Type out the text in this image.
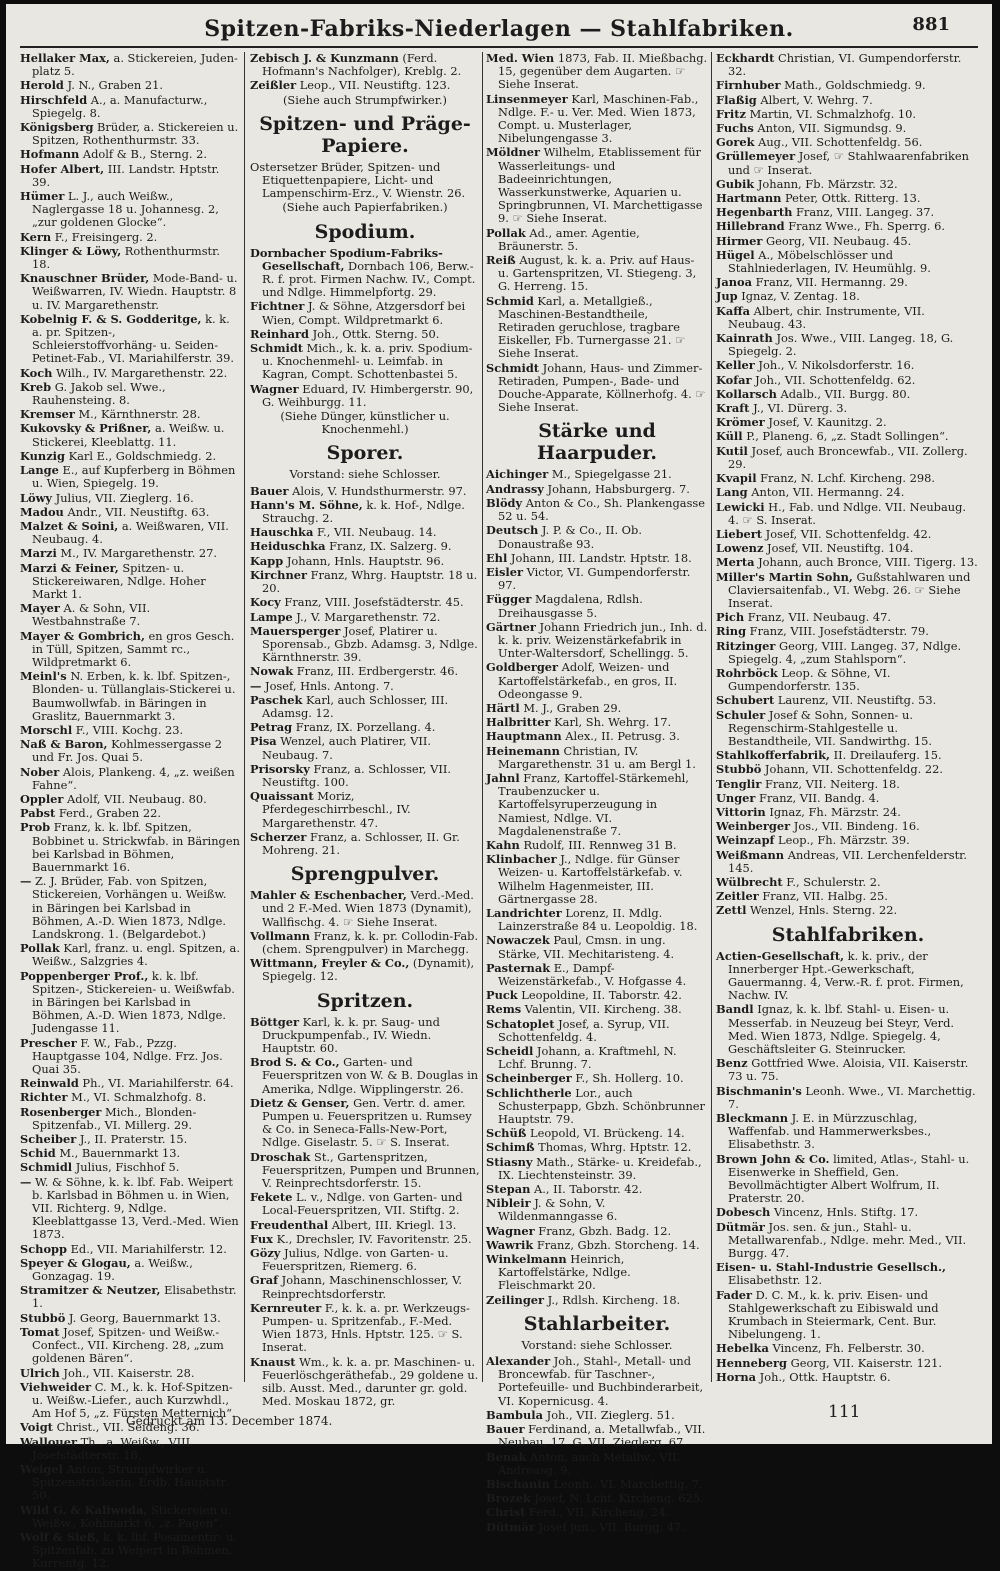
Spitzen-Fabriks-Niederlagen — Stahlfabriken.	881
Hellaker Max, a. Stickereien, Juden-platz 5.
Herold J. N., Graben 21.
Hirschfeld A., a. Manufacturw., Spiegelg. 8.
Königsberg Brüder, a. Stickereien u. Spitzen, Rothenthurmstr. 33.
Hofmann Adolf & B., Sterng. 2.
Hofer Albert, III. Landstr. Hptstr. 39.
Hümer L. J., auch Weißw., Naglergasse 18 u. Johannesg. 2, „zur goldenen Glocke“.
Kern F., Freisingerg. 2.
Klinger & Löwy, Rothenthurmstr. 18.
Knauschner Brüder, Mode-Band- u. Weißwarren, IV. Wiedn. Hauptstr. 8 u. IV. Margarethenstr.
Kobelnig F. & S. Godderitge, k. k. a. pr. Spitzen-, Schleierstoffvorhäng- u. Seiden-Petinet-Fab., VI. Mariahilferstr. 39.
Koch Wilh., IV. Margarethenstr. 22.
Kreb G. Jakob sel. Wwe., Rauhensteing. 8.
Kremser M., Kärnthnerstr. 28.
Kukovsky & Prißner, a. Weißw. u. Stickerei, Kleeblattg. 11.
Kunzig Karl E., Goldschmiedg. 2.
Lange E., auf Kupferberg in Böhmen u. Wien, Spiegelg. 19.
Löwy Julius, VII. Zieglerg. 16.
Madou Andr., VII. Neustiftg. 63.
Malzet & Soini, a. Weißwaren, VII. Neubaug. 4.
Marzi M., IV. Margarethenstr. 27.
Marzi & Feiner, Spitzen- u. Stickereiwaren, Ndlge. Hoher Markt 1.
Mayer A. & Sohn, VII. Westbahnstraße 7.
Mayer & Gombrich, en gros Gesch. in Tüll, Spitzen, Sammt rc., Wildpretmarkt 6.
Meinl's N. Erben, k. k. lbf. Spitzen-, Blonden- u. Tüllanglais-Stickerei u. Baumwollwfab. in Bäringen in Graslitz, Bauernmarkt 3.
Morschl F., VIII. Kochg. 23.
Naß & Baron, Kohlmessergasse 2 und Fr. Jos. Quai 5.
Nober Alois, Plankeng. 4, „z. weißen Fahne“.
Oppler Adolf, VII. Neubaug. 80.
Pabst Ferd., Graben 22.
Prob Franz, k. k. lbf. Spitzen, Bobbinet u. Strickwfab. in Bäringen bei Karlsbad in Böhmen, Bauernmarkt 16.
— Z. J. Brüder, Fab. von Spitzen, Stickereien, Vorhängen u. Weißw. in Bäringen bei Karlsbad in Böhmen, A.-D. Wien 1873, Ndlge. Landskrong. 1. (Belgardebot.)
Pollak Karl, franz. u. engl. Spitzen, a. Weißw., Salzgries 4.
Poppenberger Prof., k. k. lbf. Spitzen-, Stickereien- u. Weißwfab. in Bäringen bei Karlsbad in Böhmen, A.-D. Wien 1873, Ndlge. Judengasse 11.
Prescher F. W., Fab., Pzzg. Hauptgasse 104, Ndlge. Frz. Jos. Quai 35.
Reinwald Ph., VI. Mariahilferstr. 64.
Richter M., VI. Schmalzhofg. 8.
Rosenberger Mich., Blonden-Spitzenfab., VI. Millerg. 29.
Scheiber J., II. Praterstr. 15.
Schid M., Bauernmarkt 13.
Schmidl Julius, Fischhof 5.
— W. & Söhne, k. k. lbf. Fab. Weipert b. Karlsbad in Böhmen u. in Wien, VII. Richterg. 9, Ndlge. Kleeblattgasse 13, Verd.-Med. Wien 1873.
Schopp Ed., VII. Mariahilferstr. 12.
Speyer & Glogau, a. Weißw., Gonzagag. 19.
Stramitzer & Neutzer, Elisabethstr. 1.
Stubbö J. Georg, Bauernmarkt 13.
Tomat Josef, Spitzen- und Weißw.-Confect., VII. Kircheng. 28, „zum goldenen Bären“.
Ulrich Joh., VII. Kaiserstr. 28.
Viehweider C. M., k. k. Hof-Spitzen- u. Weißw.-Liefer., auch Kurzwhdl., Am Hof 5, „z. Fürsten Metternich“.
Voigt Christ., VII. Seideng. 36.
Wallouer Th., a. Weißw., VIII. Josefstädterstr. 18.
Weigel Anton, Strumpfwirker u. Spitzenstrickerin, Erdb. Hauptstr. 50.
Wild G. & Kaliwoda, Stickereien u. Weißw., Kohlmarkt 6, „z. Pagen“.
Wolf & Sieß, k. k. lbf. Posamentir- u. Spitzenfab. zu Weipert in Böhmen, Kurrentg. 12.
Zebisch J. & Kunzmann (Ferd. Hofmann's Nachfolger), Kreblg. 2.
Zeißler Leop., VII. Neustiftg. 123.
(Siehe auch Strumpfwirker.)
Spitzen- und Präge-Papiere.
Ostersetzer Brüder, Spitzen- und Etiquettenpapiere, Licht- und Lampenschirm-Erz., V. Wienstr. 26.
(Siehe auch Papierfabriken.)
Spodium.
Dornbacher Spodium-Fabriks-Gesellschaft, Dornbach 106, Berw.-R. f. prot. Firmen Nachw. IV., Compt. und Ndlge. Himmelpfortg. 29.
Fichtner J. & Söhne, Atzgersdorf bei Wien, Compt. Wildpretmarkt 6.
Reinhard Joh., Ottk. Sterng. 50.
Schmidt Mich., k. k. a. priv. Spodium- u. Knochenmehl- u. Leimfab. in Kagran, Compt. Schottenbastei 5.
Wagner Eduard, IV. Himbergerstr. 90, G. Weihburgg. 11.
(Siehe Dünger, künstlicher u. Knochenmehl.)
Sporer.
Vorstand: siehe Schlosser.
Bauer Alois, V. Hundsthurmerstr. 97.
Hann's M. Söhne, k. k. Hof-, Ndlge. Strauchg. 2.
Hauschka F., VII. Neubaug. 14.
Heiduschka Franz, IX. Salzerg. 9.
Kapp Johann, Hnls. Hauptstr. 96.
Kirchner Franz, Whrg. Hauptstr. 18 u. 20.
Kocy Franz, VIII. Josefstädterstr. 45.
Lampe J., V. Margarethenstr. 72.
Mauersperger Josef, Platirer u. Sporensab., Gbzb. Adamsg. 3, Ndlge. Kärnthnerstr. 39.
Nowak Franz, III. Erdbergerstr. 46.
— Josef, Hnls. Antong. 7.
Paschek Karl, auch Schlosser, III. Adamsg. 12.
Petrag Franz, IX. Porzellang. 4.
Pisa Wenzel, auch Platirer, VII. Neubaug. 7.
Prisorsky Franz, a. Schlosser, VII. Neustiftg. 100.
Quaissant Moriz, Pferdegeschirrbeschl., IV. Margarethenstr. 47.
Scherzer Franz, a. Schlosser, II. Gr. Mohreng. 21.
Sprengpulver.
Mahler & Eschenbacher, Verd.-Med. und 2 F.-Med. Wien 1873 (Dynamit), Wallfischg. 4. ☞ Siehe Inserat.
Vollmann Franz, k. k. pr. Collodin-Fab. (chem. Sprengpulver) in Marchegg.
Wittmann, Freyler & Co., (Dynamit), Spiegelg. 12.
Spritzen.
Böttger Karl, k. k. pr. Saug- und Druckpumpenfab., IV. Wiedn. Hauptstr. 60.
Brod S. & Co., Garten- und Feuerspritzen von W. & B. Douglas in Amerika, Ndlge. Wipplingerstr. 26.
Dietz & Genser, Gen. Vertr. d. amer. Pumpen u. Feuerspritzen u. Rumsey & Co. in Seneca-Falls-New-Port, Ndlge. Giselastr. 5. ☞ S. Inserat.
Droschak St., Gartenspritzen, Feuerspritzen, Pumpen und Brunnen, V. Reinprechtsdorferstr. 15.
Fekete L. v., Ndlge. von Garten- und Local-Feuerspritzen, VII. Stiftg. 2.
Freudenthal Albert, III. Kriegl. 13.
Fux K., Drechsler, IV. Favoritenstr. 25.
Gözy Julius, Ndlge. von Garten- u. Feuerspritzen, Riemerg. 6.
Graf Johann, Maschinenschlosser, V. Reinprechtsdorferstr.
Kernreuter F., k. k. a. pr. Werkzeugs-Pumpen- u. Spritzenfab., F.-Med. Wien 1873, Hnls. Hptstr. 125. ☞ S. Inserat.
Knaust Wm., k. k. a. pr. Maschinen- u. Feuerlöschgeräthefab., 29 goldene u. silb. Ausst. Med., darunter gr. gold. Med. Moskau 1872, gr.
Med. Wien 1873, Fab. II. Mießbachg. 15, gegenüber dem Augarten. ☞ Siehe Inserat.
Linsenmeyer Karl, Maschinen-Fab., Ndlge. F.- u. Ver. Med. Wien 1873, Compt. u. Musterlager, Nibelungengasse 3.
Möldner Wilhelm, Etablissement für Wasserleitungs- und Badeeinrichtungen, Wasserkunstwerke, Aquarien u. Springbrunnen, VI. Marchettigasse 9. ☞ Siehe Inserat.
Pollak Ad., amer. Agentie, Bräunerstr. 5.
Reiß August, k. k. a. Priv. auf Haus- u. Gartenspritzen, VI. Stiegeng. 3, G. Herreng. 15.
Schmid Karl, a. Metallgieß., Maschinen-Bestandtheile, Retiraden geruchlose, tragbare Eiskeller, Fb. Turnergasse 21. ☞ Siehe Inserat.
Schmidt Johann, Haus- und Zimmer-Retiraden, Pumpen-, Bade- und Douche-Apparate, Köllnerhofg. 4. ☞ Siehe Inserat.
Stärke und Haarpuder.
Aichinger M., Spiegelgasse 21.
Andrassy Johann, Habsburgerg. 7.
Blödy Anton & Co., Sh. Plankengasse 52 u. 54.
Deutsch J. P. & Co., II. Ob. Donaustraße 93.
Ehl Johann, III. Landstr. Hptstr. 18.
Eisler Victor, VI. Gumpendorferstr. 97.
Függer Magdalena, Rdlsh. Dreihausgasse 5.
Gärtner Johann Friedrich jun., Inh. d. k. k. priv. Weizenstärkefabrik in Unter-Waltersdorf, Schellingg. 5.
Goldberger Adolf, Weizen- und Kartoffelstärkefab., en gros, II. Odeongasse 9.
Härtl M. J., Graben 29.
Halbritter Karl, Sh. Wehrg. 17.
Hauptmann Alex., II. Petrusg. 3.
Heinemann Christian, IV. Margarethenstr. 31 u. am Bergl 1.
Jahnl Franz, Kartoffel-Stärkemehl, Traubenzucker u. Kartoffelsyruperzeugung in Namiest, Ndlge. VI. Magdalenenstraße 7.
Kahn Rudolf, III. Rennweg 31 B.
Klinbacher J., Ndlge. für Günser Weizen- u. Kartoffelstärkefab. v. Wilhelm Hagenmeister, III. Gärtnergasse 28.
Landrichter Lorenz, II. Mdlg. Lainzerstraße 84 u. Leopoldig. 18.
Nowaczek Paul, Cmsn. in ung. Stärke, VII. Mechitaristeng. 4.
Pasternak E., Dampf-Weizenstärkefab., V. Hofgasse 4.
Puck Leopoldine, II. Taborstr. 42.
Rems Valentin, VII. Kircheng. 38.
Schatoplet Josef, a. Syrup, VII. Schottenfeldg. 4.
Scheidl Johann, a. Kraftmehl, N. Lchf. Brunng. 7.
Scheinberger F., Sh. Hollerg. 10.
Schlichtherle Lor., auch Schusterpapp, Gbzh. Schönbrunner Hauptstr. 79.
Schüß Leopold, VI. Brückeng. 14.
Schimß Thomas, Whrg. Hptstr. 12.
Stiasny Math., Stärke- u. Kreidefab., IX. Liechtensteinstr. 39.
Stepan A., II. Taborstr. 42.
Nibleir J. & Sohn, V. Wildenmanngasse 6.
Wagner Franz, Gbzh. Badg. 12.
Wawrik Franz, Gbzh. Storcheng. 14.
Winkelmann Heinrich, Kartoffelstärke, Ndlge. Fleischmarkt 20.
Zeilinger J., Rdlsh. Kircheng. 18.
Stahlarbeiter.
Vorstand: siehe Schlosser.
Alexander Joh., Stahl-, Metall- und Broncewfab. für Taschner-, Portefeuille- und Buchbinderarbeit, VI. Kopernicusg. 4.
Bambula Joh., VII. Zieglerg. 51.
Bauer Ferdinand, a. Metallwfab., VII. Neubau, 17, G. VII. Zieglerg. 67.
Benak Anton, auch Metallw., VII. Andreasg. 9.
Bischanin Leonh., VI. Marchettig. 7.
Brozek Josef, N. Lchf. Kircheng. 625.
Christ Ferd., VII. Kircheng. 24.
Dütmär Josef jun., VII. Burgg. 47.
Eckhardt Christian, VI. Gumpendorferstr. 32.
Firnhuber Math., Goldschmiedg. 9.
Flaßig Albert, V. Wehrg. 7.
Fritz Martin, VI. Schmalzhofg. 10.
Fuchs Anton, VII. Sigmundsg. 9.
Gorek Aug., VII. Schottenfeldg. 56.
Grüllemeyer Josef, ☞ Stahlwaarenfabriken und ☞ Inserat.
Gubik Johann, Fb. Märzstr. 32.
Hartmann Peter, Ottk. Ritterg. 13.
Hegenbarth Franz, VIII. Langeg. 37.
Hillebrand Franz Wwe., Fh. Sperrg. 6.
Hirmer Georg, VII. Neubaug. 45.
Hügel A., Möbelschlösser und Stahlniederlagen, IV. Heumühlg. 9.
Janoa Franz, VII. Hermanng. 29.
Jup Ignaz, V. Zentag. 18.
Kaffa Albert, chir. Instrumente, VII. Neubaug. 43.
Kainrath Jos. Wwe., VIII. Langeg. 18, G. Spiegelg. 2.
Keller Joh., V. Nikolsdorferstr. 16.
Kofar Joh., VII. Schottenfeldg. 62.
Kollarsch Adalb., VII. Burgg. 80.
Kraft J., VI. Dürerg. 3.
Krömer Josef, V. Kaunitzg. 2.
Küll P., Planeng. 6, „z. Stadt Sollingen“.
Kutil Josef, auch Broncewfab., VII. Zollerg. 29.
Kvapil Franz, N. Lchf. Kircheng. 298.
Lang Anton, VII. Hermanng. 24.
Lewicki H., Fab. und Ndlge. VII. Neubaug. 4. ☞ S. Inserat.
Liebert Josef, VII. Schottenfeldg. 42.
Lowenz Josef, VII. Neustiftg. 104.
Merta Johann, auch Bronce, VIII. Tigerg. 13.
Miller's Martin Sohn, Gußstahlwaren und Claviersaitenfab., VI. Webg. 26. ☞ Siehe Inserat.
Pich Franz, VII. Neubaug. 47.
Ring Franz, VIII. Josefstädterstr. 79.
Ritzinger Georg, VIII. Langeg. 37, Ndlge. Spiegelg. 4, „zum Stahlsporn“.
Rohrböck Leop. & Söhne, VI. Gumpendorferstr. 135.
Schubert Laurenz, VII. Neustiftg. 53.
Schuler Josef & Sohn, Sonnen- u. Regenschirm-Stahlgestelle u. Bestandtheile, VII. Sandwirthg. 15.
Stahlkofferfabrik, II. Dreilauferg. 15.
Stubbö Johann, VII. Schottenfeldg. 22.
Tenglir Franz, VII. Neiterg. 18.
Unger Franz, VII. Bandg. 4.
Vittorin Ignaz, Fh. Märzstr. 24.
Weinberger Jos., VII. Bindeng. 16.
Weinzapf Leop., Fh. Märzstr. 39.
Weißmann Andreas, VII. Lerchenfelderstr. 145.
Wülbrecht F., Schulerstr. 2.
Zeitler Franz, VII. Halbg. 25.
Zettl Wenzel, Hnls. Sterng. 22.
Stahlfabriken.
Actien-Gesellschaft, k. k. priv., der Innerberger Hpt.-Gewerkschaft, Gauermanng. 4, Verw.-R. f. prot. Firmen, Nachw. IV.
Bandl Ignaz, k. k. lbf. Stahl- u. Eisen- u. Messerfab. in Neuzeug bei Steyr, Verd. Med. Wien 1873, Ndlge. Spiegelg. 4, Geschäftsleiter G. Steinrucker.
Benz Gottfried Wwe. Aloisia, VII. Kaiserstr. 73 u. 75.
Bischmanin's Leonh. Wwe., VI. Marchettig. 7.
Bleckmann J. E. in Mürzzuschlag, Waffenfab. und Hammerwerksbes., Elisabethstr. 3.
Brown John & Co. limited, Atlas-, Stahl- u. Eisenwerke in Sheffield, Gen. Bevollmächtigter Albert Wolfrum, II. Praterstr. 20.
Dobesch Vincenz, Hnls. Stiftg. 17.
Dütmär Jos. sen. & jun., Stahl- u. Metallwarenfab., Ndlge. mehr. Med., VII. Burgg. 47.
Eisen- u. Stahl-Industrie Gesellsch., Elisabethstr. 12.
Fader D. C. M., k. k. priv. Eisen- und Stahlgewerkschaft zu Eibiswald und Krumbach in Steiermark, Cent. Bur. Nibelungeng. 1.
Hebelka Vincenz, Fh. Felberstr. 30.
Henneberg Georg, VII. Kaiserstr. 121.
Horna Joh., Ottk. Hauptstr. 6.
Gedruckt am 13. December 1874.	111
